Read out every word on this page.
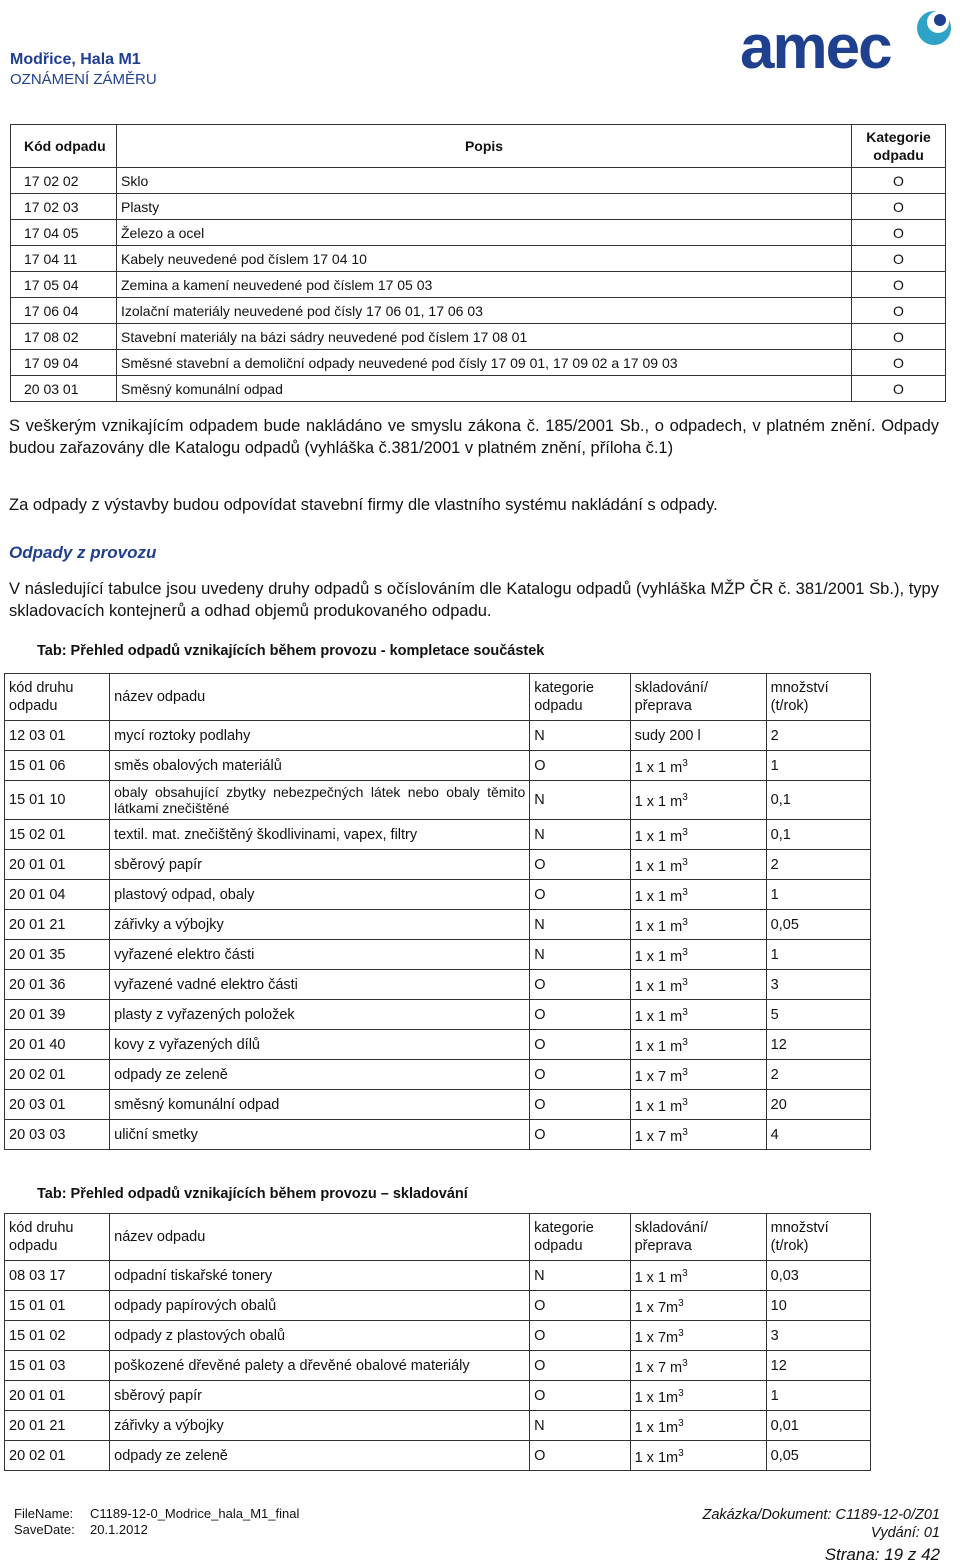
Modřice, Hala M1
OZNÁMENÍ ZÁMĚRU	amec
Kód odpadu	Popis	Kategorie odpadu
17 02 02	Sklo	O
17 02 03	Plasty	O
17 04 05	Železo a ocel	O
17 04 11	Kabely neuvedené pod číslem 17 04 10	O
17 05 04	Zemina a kamení neuvedené pod číslem 17 05 03	O
17 06 04	Izolační materiály neuvedené pod čísly 17 06 01, 17 06 03	O
17 08 02	Stavební materiály na bázi sádry neuvedené pod číslem 17 08 01	O
17 09 04	Směsné stavební a demoliční odpady neuvedené pod čísly 17 09 01, 17 09 02 a 17 09 03	O
20 03 01	Směsný komunální odpad	O
S veškerým vznikajícím odpadem bude nakládáno ve smyslu zákona č. 185/2001 Sb., o odpadech, v platném znění. Odpady budou zařazovány dle Katalogu odpadů (vyhláška č.381/2001 v platném znění, příloha č.1)
Za odpady z výstavby budou odpovídat stavební firmy dle vlastního systému nakládání s odpady.
Odpady z provozu
V následující tabulce jsou uvedeny druhy odpadů s očíslováním dle Katalogu odpadů (vyhláška MŽP ČR č. 381/2001 Sb.), typy skladovacích kontejnerů a odhad objemů produkovaného odpadu.
Tab: Přehled odpadů vznikajících během provozu - kompletace součástek
kód druhu odpadu	název odpadu	kategorie odpadu	skladování/ přeprava	množství (t/rok)
12 03 01	mycí roztoky podlahy	N	sudy 200 l	2
15 01 06	směs obalových materiálů	O	1 x 1 $m^3$	1
15 01 10	obaly obsahující zbytky nebezpečných látek nebo obaly těmito látkami znečištěné	N	1 x 1 $m^3$	0,1
15 02 01	textil. mat. znečištěný škodlivinami, vapex, filtry	N	1 x 1 $m^3$	0,1
20 01 01	sběrový papír	O	1 x 1 $m^3$	2
20 01 04	plastový odpad, obaly	O	1 x 1 $m^3$	1
20 01 21	zářivky a výbojky	N	1 x 1 $m^3$	0,05
20 01 35	vyřazené elektro části	N	1 x 1 $m^3$	1
20 01 36	vyřazené vadné elektro části	O	1 x 1 $m^3$	3
20 01 39	plasty z vyřazených položek	O	1 x 1 $m^3$	5
20 01 40	kovy z vyřazených dílů	O	1 x 1 $m^3$	12
20 02 01	odpady ze zeleně	O	1 x 7 $m^3$	2
20 03 01	směsný komunální odpad	O	1 x 1 $m^3$	20
20 03 03	uliční smetky	O	1 x 7 $m^3$	4
Tab: Přehled odpadů vznikajících během provozu – skladování
kód druhu odpadu	název odpadu	kategorie odpadu	skladování/ přeprava	množství (t/rok)
08 03 17	odpadní tiskařské tonery	N	1 x 1 $m^3$	0,03
15 01 01	odpady papírových obalů	O	1 x $7m^3$	10
15 01 02	odpady z plastových obalů	O	1 x $7m^3$	3
15 01 03	poškozené dřevěné palety a dřevěné obalové materiály	O	1 x 7 $m^3$	12
20 01 01	sběrový papír	O	1 x $1m^3$	1
20 01 21	zářivky a výbojky	N	1 x $1m^3$	0,01
20 02 01	odpady ze zeleně	O	1 x $1m^3$	0,05
FileName: C1189-12-0_Modrice_hala_M1_final
SaveDate: 20.1.2012
Zakázka/Dokument: C1189-12-0/Z01
Vydání: 01
Strana: 19 z 42
